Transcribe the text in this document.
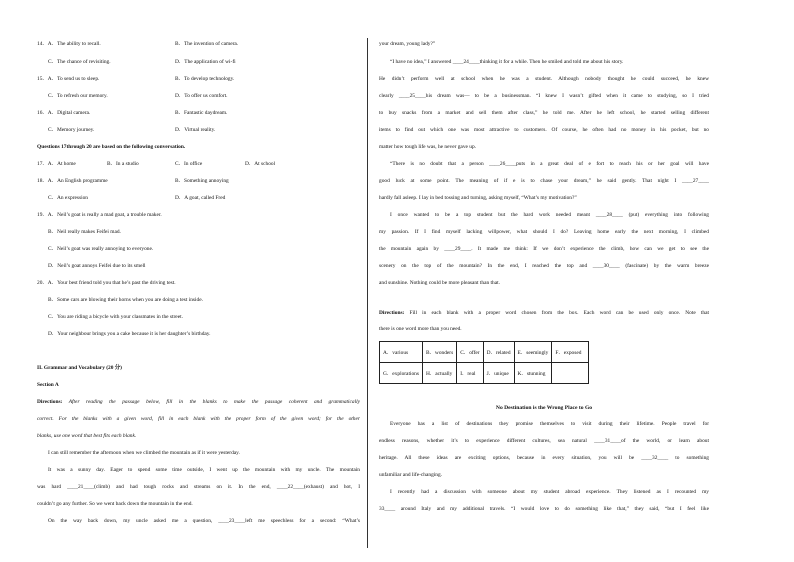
14．A．The ability to recall.	B．The invention of camera.
C．The chance of revisiting.	D．The application of wi-fi
15．A．To send us to sleep.	B．To develop technology.
C．To refresh our memory.	D．To offer us comfort.
16．A．Digital camera.	B．Fantastic daydream.
C．Memory journey.	D．Virtual reality.
Questions 17through 20 are based on the following conversation.
17．A．At home	B．In a studio	C．In office	D．At school
18．A．An English programme	B．Something annoying
C．An expression	D．A goat, called Fred
19．A．Neil’s goat is really a mad goat, a trouble maker.
B．Neil really makes Feifei mad.
C．Neil’s goat was really annoying to everyone.
D．Neil’s goat annoys Feifei due to its smell
20．A．Your best friend told you that he’s past the driving test.
B．Some cars are blowing their horns when you are doing a test inside.
C．You are riding a bicycle with your classmates in the street.
D．Your neighbour brings you a cake because it is her daughter’s birthday.
II. Grammar and Vocabulary (20 分)
Section A
Directions: After reading the passage below, fill in the blanks to make the passage coherent and grammatically
correct. For the blanks with a given word, fill in each blank with the proper form of the given word; for the other
blanks, use one word that best fits each blank.
I can still remember the afternoon when we climbed the mountain as if it were yesterday.
It was a sunny day. Eager to spend some time outside, I went up the mountain with my uncle. The mountain
was hard ____21____(climb) and had tough rocks and streams on it. In the end, ____22____(exhaust) and hot, I
couldn’t go any further. So we went back down the mountain in the end.
On the way back down, my uncle asked me a question, ____23____left me speechless for a second: “What’s
your dream, young lady?”
“I have no idea,” I answered ____24____thinking it for a while. Then he smiled and told me about his story.
He didn’t perform well at school when he was a student. Although nobody thought he could succeed, he knew
clearly ____25____his dream was— to be a businessman. “I knew I wasn’t gifted when it came to studying, so I tried
to buy snacks from a market and sell them after class,” he told me. After he left school, he started selling different
items to find out which one was most attractive to customers. Of course, he often had no money in his pocket, but no
matter how tough life was, he never gave up.
“There is no doubt that a person ____26____puts in a great deal of e fort to reach his or her goal will have
good luck at some point. The meaning of if e is to chase your dream,” he said gently. That night I ____27____
hardly fall asleep. I lay in bed tossing and turning, asking myself, “What’s my motivation?”
I once wanted to be a top student but the hard work needed meant ____28____ (put) everything into following
my passion. If I find myself lacking willpower, what should I do? Leaving home early the next morning, I climbed
the mountain again by ____29____. It made me think: If we don’t experience the climb, how can we get to see the
scenery on the top of the mountain? In the end, I reached the top and ____30____ (fascinate) by the warm breeze
and sunshine. Nothing could be more pleasant than that.
Directions: Fill in each blank with a proper word chosen from the box. Each word can be used only once. Note that
there is one word more than you need.
A．various	B．wonders	C．offer	D．related	E．seemingly	F．exposed
G．explorations	H．actually	I．real	J．unique	K．stunning	
No Destination is the Wrong Place to Go
Everyone has a list of destinations they promise themselves to visit during their lifetime. People travel for
endless reasons, whether it’s to experience different cultures, sea natural ____31____of the world, or learn about
heritage. All these ideas are exciting options, because in every situation, you will be ____32____ to something
unfamiliar and life-changing.
I recently had a discussion with someone about my student abroad experience. They listened as I recounted my
33____ around Italy and my additional travels. “I would love to do something like that,” they said, “but I feel like
